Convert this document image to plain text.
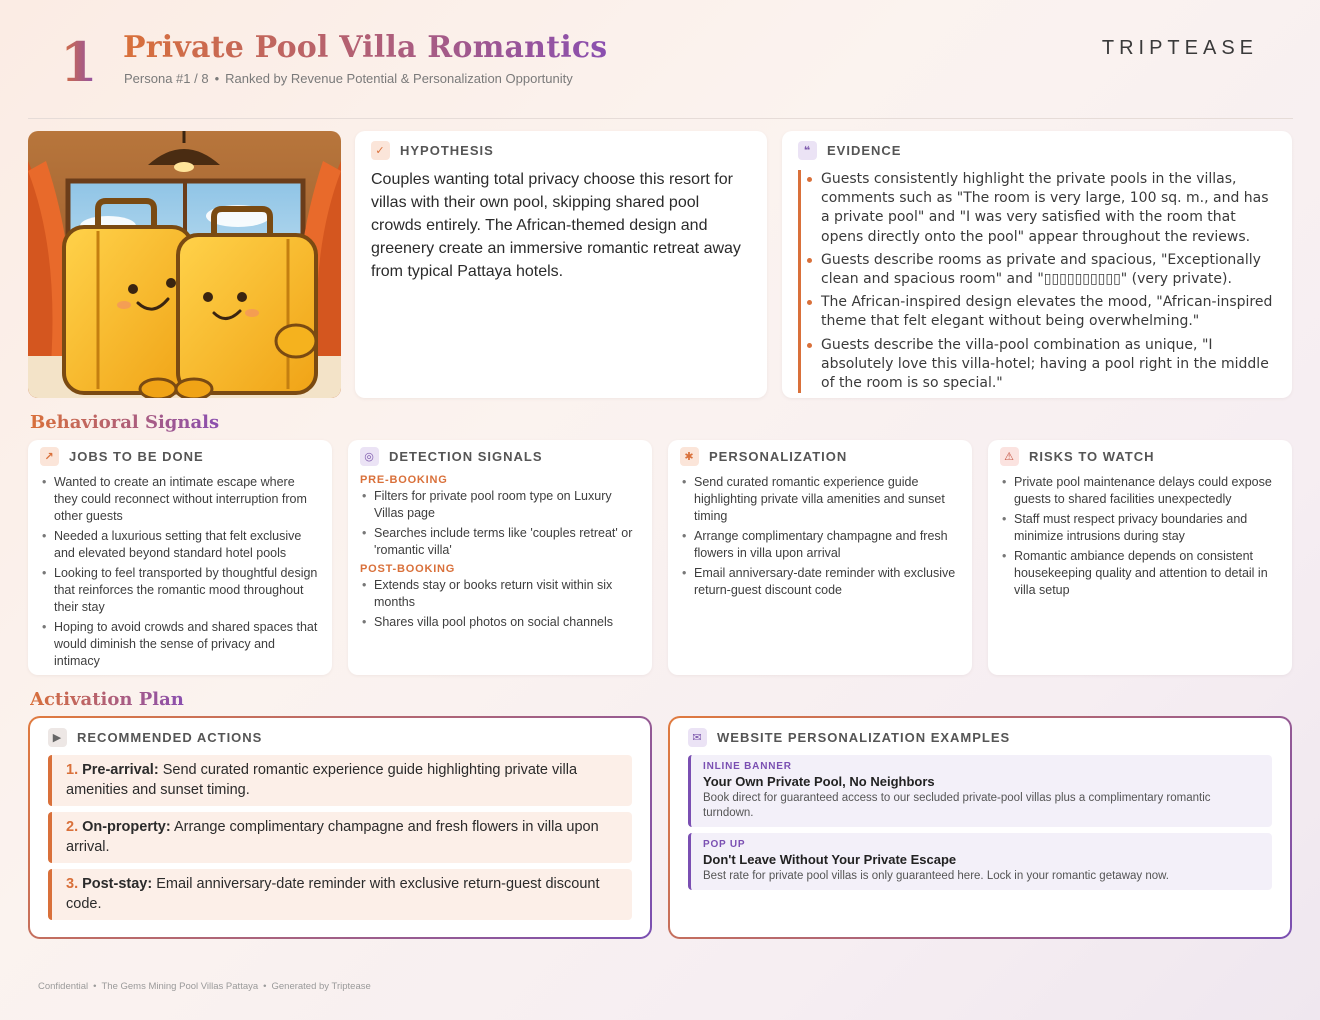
1 Private Pool Villa Romantics
Persona #1 / 8 • Ranked by Revenue Potential & Personalization Opportunity
TRIPTEASE
✓	HYPOTHESIS
Couples wanting total privacy choose this resort for villas with their own pool, skipping shared pool crowds entirely. The African-themed design and greenery create an immersive romantic retreat away from typical Pattaya hotels.
❝	EVIDENCE
Guests consistently highlight the private pools in the villas, comments such as "The room is very large, 100 sq. m., and has a private pool" and "I was very satisfied with the room that opens directly onto the pool" appear throughout the reviews.
Guests describe rooms as private and spacious, "Exceptionally clean and spacious room" and "▯▯▯▯▯▯▯▯▯▯" (very private).
The African-inspired design elevates the mood, "African-inspired theme that felt elegant without being overwhelming."
Guests describe the villa-pool combination as unique, "I absolutely love this villa-hotel; having a pool right in the middle of the room is so special."
Behavioral Signals
↗	JOBS TO BE DONE
• Wanted to create an intimate escape where they could reconnect without interruption from other guests
• Needed a luxurious setting that felt exclusive and elevated beyond standard hotel pools
• Looking to feel transported by thoughtful design that reinforces the romantic mood throughout their stay
• Hoping to avoid crowds and shared spaces that would diminish the sense of privacy and intimacy
◎	DETECTION SIGNALS
PRE-BOOKING
• Filters for private pool room type on Luxury Villas page
• Searches include terms like 'couples retreat' or 'romantic villa'
POST-BOOKING
• Extends stay or books return visit within six months
• Shares villa pool photos on social channels
✱	PERSONALIZATION
• Send curated romantic experience guide highlighting private villa amenities and sunset timing
• Arrange complimentary champagne and fresh flowers in villa upon arrival
• Email anniversary-date reminder with exclusive return-guest discount code
⚠	RISKS TO WATCH
• Private pool maintenance delays could expose guests to shared facilities unexpectedly
• Staff must respect privacy boundaries and minimize intrusions during stay
• Romantic ambiance depends on consistent housekeeping quality and attention to detail in villa setup
Activation Plan
▶	RECOMMENDED ACTIONS
1. Pre-arrival: Send curated romantic experience guide highlighting private villa amenities and sunset timing.
2. On-property: Arrange complimentary champagne and fresh flowers in villa upon arrival.
3. Post-stay: Email anniversary-date reminder with exclusive return-guest discount code.
✉	WEBSITE PERSONALIZATION EXAMPLES
INLINE BANNER
Your Own Private Pool, No Neighbors
Book direct for guaranteed access to our secluded private-pool villas plus a complimentary romantic turndown.
POP UP
Don't Leave Without Your Private Escape
Best rate for private pool villas is only guaranteed here. Lock in your romantic getaway now.
Confidential • The Gems Mining Pool Villas Pattaya • Generated by Triptease
